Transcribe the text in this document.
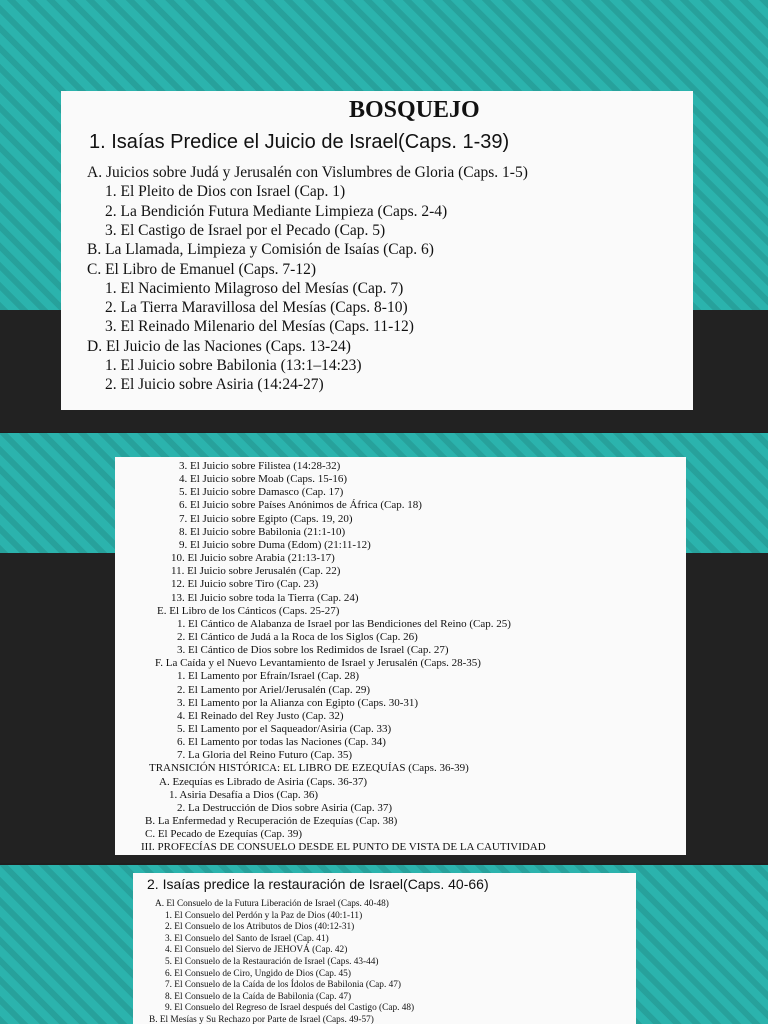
BOSQUEJO
1. Isaías Predice el Juicio de Israel(Caps. 1-39)
A. Juicios sobre Judá y Jerusalén con Vislumbres de Gloria (Caps. 1-5)
1. El Pleito de Dios con Israel (Cap. 1)
2. La Bendición Futura Mediante Limpieza (Caps. 2-4)
3. El Castigo de Israel por el Pecado (Cap. 5)
B. La Llamada, Limpieza y Comisión de Isaías (Cap. 6)
C. El Libro de Emanuel (Caps. 7-12)
1. El Nacimiento Milagroso del Mesías (Cap. 7)
2. La Tierra Maravillosa del Mesías (Caps. 8-10)
3. El Reinado Milenario del Mesías (Caps. 11-12)
D. El Juicio de las Naciones (Caps. 13-24)
1. El Juicio sobre Babilonia (13:1–14:23)
2. El Juicio sobre Asiria (14:24-27)
3. El Juicio sobre Filistea (14:28-32)
4. El Juicio sobre Moab (Caps. 15-16)
5. El Juicio sobre Damasco (Cap. 17)
6. El Juicio sobre Países Anónimos de África (Cap. 18)
7. El Juicio sobre Egipto (Caps. 19, 20)
8. El Juicio sobre Babilonia (21:1-10)
9. El Juicio sobre Duma (Edom) (21:11-12)
10. El Juicio sobre Arabia (21:13-17)
11. El Juicio sobre Jerusalén (Cap. 22)
12. El Juicio sobre Tiro (Cap. 23)
13. El Juicio sobre toda la Tierra (Cap. 24)
E. El Libro de los Cánticos (Caps. 25-27)
1. El Cántico de Alabanza de Israel por las Bendiciones del Reino (Cap. 25)
2. El Cántico de Judá a la Roca de los Siglos (Cap. 26)
3. El Cántico de Dios sobre los Redimidos de Israel (Cap. 27)
F. La Caída y el Nuevo Levantamiento de Israel y Jerusalén (Caps. 28-35)
1. El Lamento por Efraín/Israel (Cap. 28)
2. El Lamento por Ariel/Jerusalén (Cap. 29)
3. El Lamento por la Alianza con Egipto (Caps. 30-31)
4. El Reinado del Rey Justo (Cap. 32)
5. El Lamento por el Saqueador/Asiria (Cap. 33)
6. El Lamento por todas las Naciones (Cap. 34)
7. La Gloria del Reino Futuro (Cap. 35)
TRANSICIÓN HISTÓRICA: EL LIBRO DE EZEQUÍAS (Caps. 36-39)
A. Ezequías es Librado de Asiria (Caps. 36-37)
1. Asiria Desafía a Dios (Cap. 36)
2. La Destrucción de Dios sobre Asiria (Cap. 37)
B. La Enfermedad y Recuperación de Ezequías (Cap. 38)
C. El Pecado de Ezequías (Cap. 39)
III. PROFECÍAS DE CONSUELO DESDE EL PUNTO DE VISTA DE LA CAUTIVIDAD
2. Isaías predice la restauración de Israel(Caps. 40-66)
A. El Consuelo de la Futura Liberación de Israel (Caps. 40-48)
1. El Consuelo del Perdón y la Paz de Dios (40:1-11)
2. El Consuelo de los Atributos de Dios (40:12-31)
3. El Consuelo del Santo de Israel (Cap. 41)
4. El Consuelo del Siervo de JEHOVÁ (Cap. 42)
5. El Consuelo de la Restauración de Israel (Caps. 43-44)
6. El Consuelo de Ciro, Ungido de Dios (Cap. 45)
7. El Consuelo de la Caída de los Ídolos de Babilonia (Cap. 47)
8. El Consuelo de la Caída de Babilonia (Cap. 47)
9. El Consuelo del Regreso de Israel después del Castigo (Cap. 48)
B. El Mesías y Su Rechazo por Parte de Israel (Caps. 49-57)
